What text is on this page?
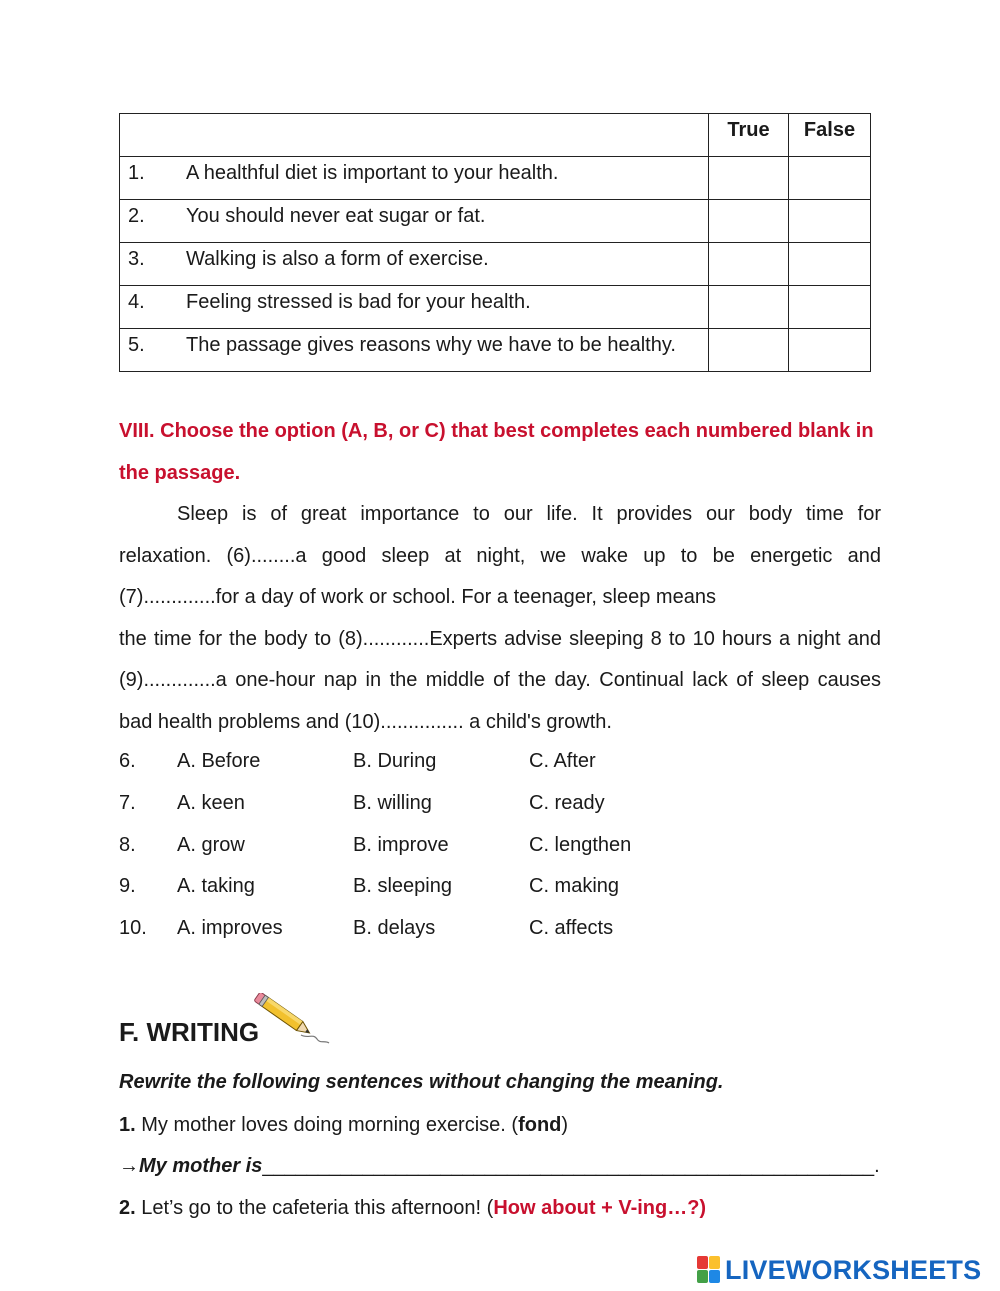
	True	False
1. A healthful diet is important to your health.		
2. You should never eat sugar or fat.		
3. Walking is also a form of exercise.		
4. Feeling stressed is bad for your health.		
5. The passage gives reasons why we have to be healthy.		
VIII. Choose the option (A, B, or C) that best completes each numbered blank in
the passage.
Sleep is of great importance to our life. It provides our body time for
relaxation. (6)........a good sleep at night, we wake up to be energetic and
(7).............for a day of work or school. For a teenager, sleep means
the time for the body to (8)............Experts advise sleeping 8 to 10 hours a night and
(9).............a one-hour nap in the middle of the day. Continual lack of sleep causes
bad health problems and (10)............... a child's growth.
6. A. Before	B. During	C. After
7. A. keen	B. willing	C. ready
8. A. grow	B. improve	C. lengthen
9. A. taking	B. sleeping	C. making
10. A. improves	B. delays	C. affects
F. WRITING
Rewrite the following sentences without changing the meaning.
1. My mother loves doing morning exercise. (fond)
→My mother is_______________________________________________________.
2. Let’s go to the cafeteria this afternoon! (How about + V-ing…?)
LIVEWORKSHEETS
